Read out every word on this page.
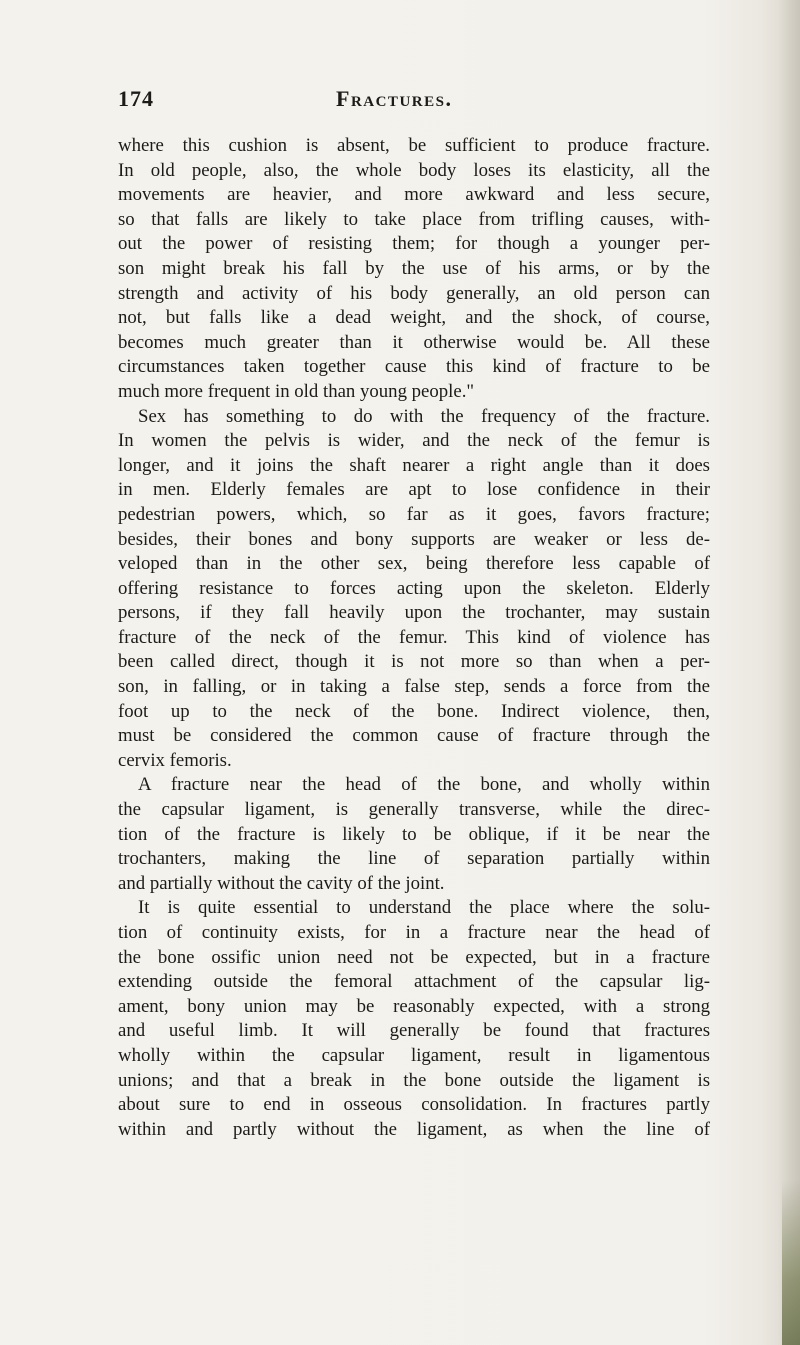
174	Fractures.
where this cushion is absent, be sufficient to produce fracture.
In old people, also, the whole body loses its elasticity, all the
movements are heavier, and more awkward and less secure,
so that falls are likely to take place from trifling causes, with-
out the power of resisting them; for though a younger per-
son might break his fall by the use of his arms, or by the
strength and activity of his body generally, an old person can
not, but falls like a dead weight, and the shock, of course,
becomes much greater than it otherwise would be. All these
circumstances taken together cause this kind of fracture to be
much more frequent in old than young people."
Sex has something to do with the frequency of the fracture.
In women the pelvis is wider, and the neck of the femur is
longer, and it joins the shaft nearer a right angle than it does
in men. Elderly females are apt to lose confidence in their
pedestrian powers, which, so far as it goes, favors fracture;
besides, their bones and bony supports are weaker or less de-
veloped than in the other sex, being therefore less capable of
offering resistance to forces acting upon the skeleton. Elderly
persons, if they fall heavily upon the trochanter, may sustain
fracture of the neck of the femur. This kind of violence has
been called direct, though it is not more so than when a per-
son, in falling, or in taking a false step, sends a force from the
foot up to the neck of the bone. Indirect violence, then,
must be considered the common cause of fracture through the
cervix femoris.
A fracture near the head of the bone, and wholly within
the capsular ligament, is generally transverse, while the direc-
tion of the fracture is likely to be oblique, if it be near the
trochanters, making the line of separation partially within
and partially without the cavity of the joint.
It is quite essential to understand the place where the solu-
tion of continuity exists, for in a fracture near the head of
the bone ossific union need not be expected, but in a fracture
extending outside the femoral attachment of the capsular lig-
ament, bony union may be reasonably expected, with a strong
and useful limb. It will generally be found that fractures
wholly within the capsular ligament, result in ligamentous
unions; and that a break in the bone outside the ligament is
about sure to end in osseous consolidation. In fractures partly
within and partly without the ligament, as when the line of
